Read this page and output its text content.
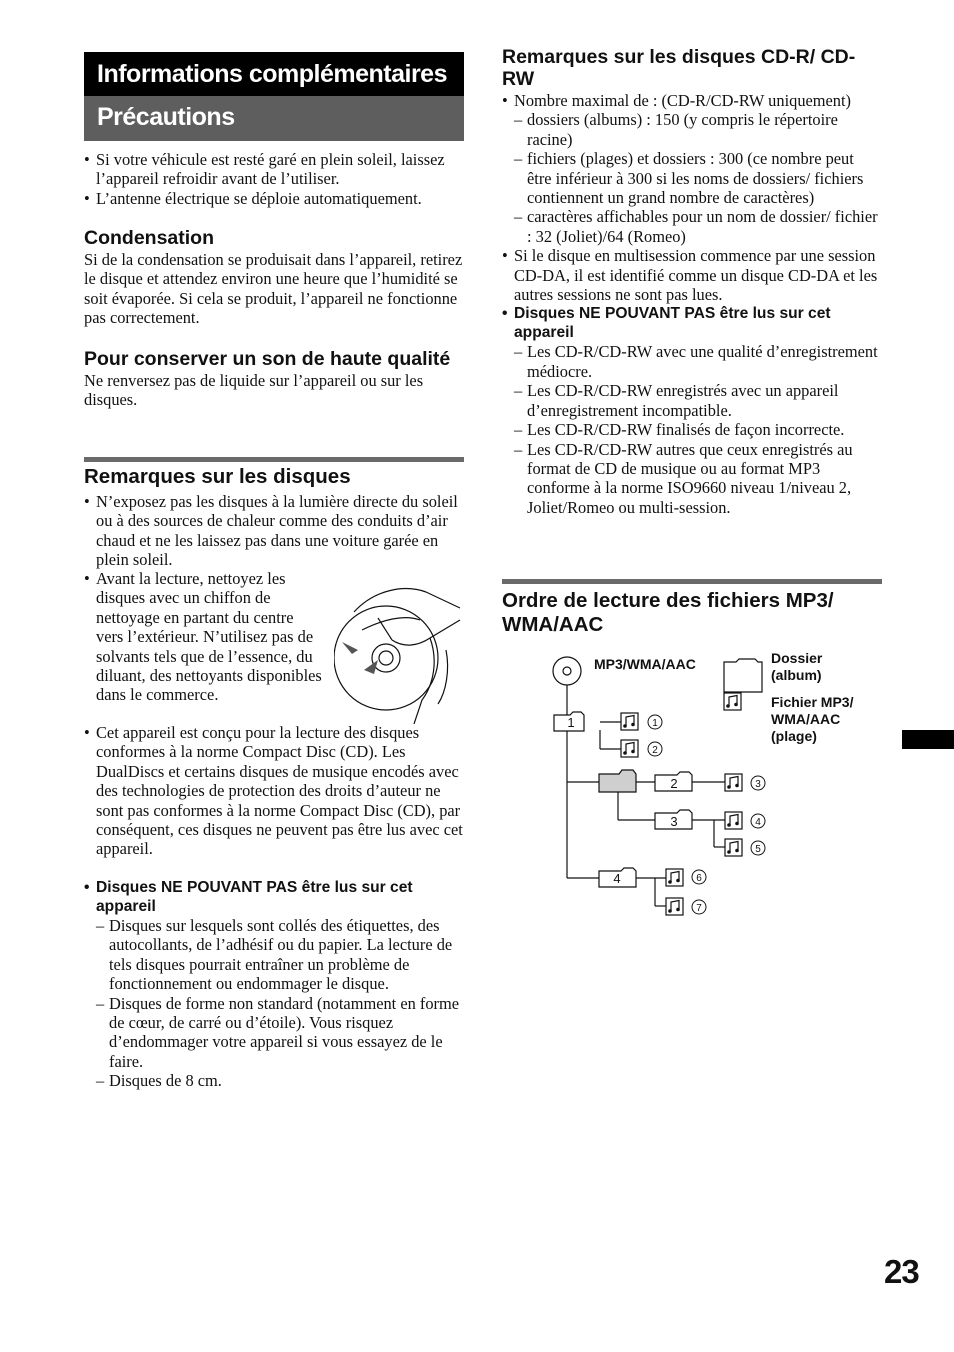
Informations complémentaires
Précautions
• Si votre véhicule est resté garé en plein soleil, laissez l’appareil refroidir avant de l’utiliser.
• L’antenne électrique se déploie automatiquement.
Condensation

Si de la condensation se produisait dans l’appareil, retirez le disque et attendez environ une heure que l’humidité se soit évaporée. Si cela se produit, l’appareil ne fonctionne pas correctement.

Pour conserver un son de haute qualité

Ne renversez pas de liquide sur l’appareil ou sur les disques.

Remarques sur les disques
• N’exposez pas les disques à la lumière directe du soleil ou à des sources de chaleur comme des conduits d’air chaud et ne les laissez pas dans une voiture garée en plein soleil.
• Avant la lecture, nettoyez les disques avec un chiffon de nettoyage en partant du centre vers l’extérieur. N’utilisez pas de solvants tels que de l’essence, du diluant, des nettoyants disponibles dans le commerce.
• Cet appareil est conçu pour la lecture des disques conformes à la norme Compact Disc (CD). Les DualDiscs et certains disques de musique encodés avec des technologies de protection des droits d’auteur ne sont pas conformes à la norme Compact Disc (CD), par conséquent, ces disques ne peuvent pas être lus avec cet appareil.
• Disques NE POUVANT PAS être lus sur cet appareil
– Disques sur lesquels sont collés des étiquettes, des autocollants, de l’adhésif ou du papier. La lecture de tels disques pourrait entraîner un problème de fonctionnement ou endommager le disque.
– Disques de forme non standard (notamment en forme de cœur, de carré ou d’étoile). Vous risquez d’endommager votre appareil si vous essayez de le faire.
– Disques de 8 cm.
Remarques sur les disques CD-R/ CD-RW
• Nombre maximal de : (CD-R/CD-RW uniquement)
– dossiers (albums) : 150 (y compris le répertoire racine)
– fichiers (plages) et dossiers : 300 (ce nombre peut être inférieur à 300 si les noms de dossiers/ fichiers contiennent un grand nombre de caractères)
– caractères affichables pour un nom de dossier/ fichier : 32 (Joliet)/64 (Romeo)
• Si le disque en multisession commence par une session CD-DA, il est identifié comme un disque CD-DA et les autres sessions ne sont pas lues.
• Disques NE POUVANT PAS être lus sur cet appareil
– Les CD-R/CD-RW avec une qualité d’enregistrement médiocre.
– Les CD-R/CD-RW enregistrés avec un appareil d’enregistrement incompatible.
– Les CD-R/CD-RW finalisés de façon incorrecte.
– Les CD-R/CD-RW autres que ceux enregistrés au format de CD de musique ou au format MP3 conforme à la norme ISO9660 niveau 1/niveau 2, Joliet/Romeo ou multi-session.
Ordre de lecture des fichiers MP3/ WMA/AAC
1
2
3
4
1
2
3
4
5
6
7
MP3/WMA/AAC	Dossier (album)
Fichier MP3/ WMA/AAC (plage)
23
